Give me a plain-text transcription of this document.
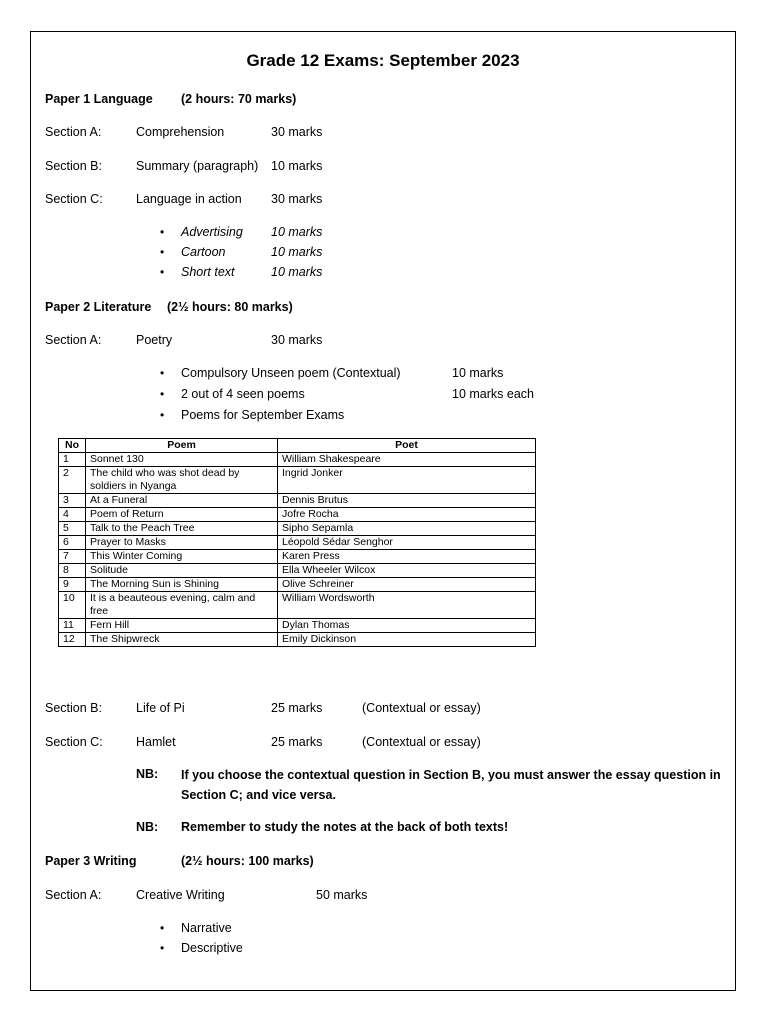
Grade 12 Exams: September 2023
Paper 1 Language (2 hours: 70 marks)
Section A:	Comprehension	30 marks
Section B:	Summary (paragraph) 10 marks
Section C:	Language in action 30 marks
• Advertising 10 marks
• Cartoon	10 marks
• Short text	10 marks
Paper 2 Literature (2½ hours: 80 marks)
Section A:	Poetry	30 marks
• Compulsory Unseen poem (Contextual)	10 marks
• 2 out of 4 seen poems	10 marks each
• Poems for September Exams
No	Poem	Poet
1	Sonnet 130	William Shakespeare
2	The child who was shot dead by soldiers in Nyanga	Ingrid Jonker
3	At a Funeral	Dennis Brutus
4	Poem of Return	Jofre Rocha
5	Talk to the Peach Tree	Sipho Sepamla
6	Prayer to Masks	Léopold Sédar Senghor
7	This Winter Coming	Karen Press
8	Solitude	Ella Wheeler Wilcox
9	The Morning Sun is Shining	Olive Schreiner
10	It is a beauteous evening, calm and free	William Wordsworth
11	Fern Hill	Dylan Thomas
12	The Shipwreck	Emily Dickinson
Section B:	Life of Pi	25 marks	(Contextual or essay)
Section C:	Hamlet	25 marks	(Contextual or essay)
NB: If you choose the contextual question in Section B, you must answer the essay question in Section C; and vice versa.
NB: Remember to study the notes at the back of both texts!
Paper 3 Writing	(2½ hours: 100 marks)
Section A:	Creative Writing	50 marks
• Narrative
• Descriptive
